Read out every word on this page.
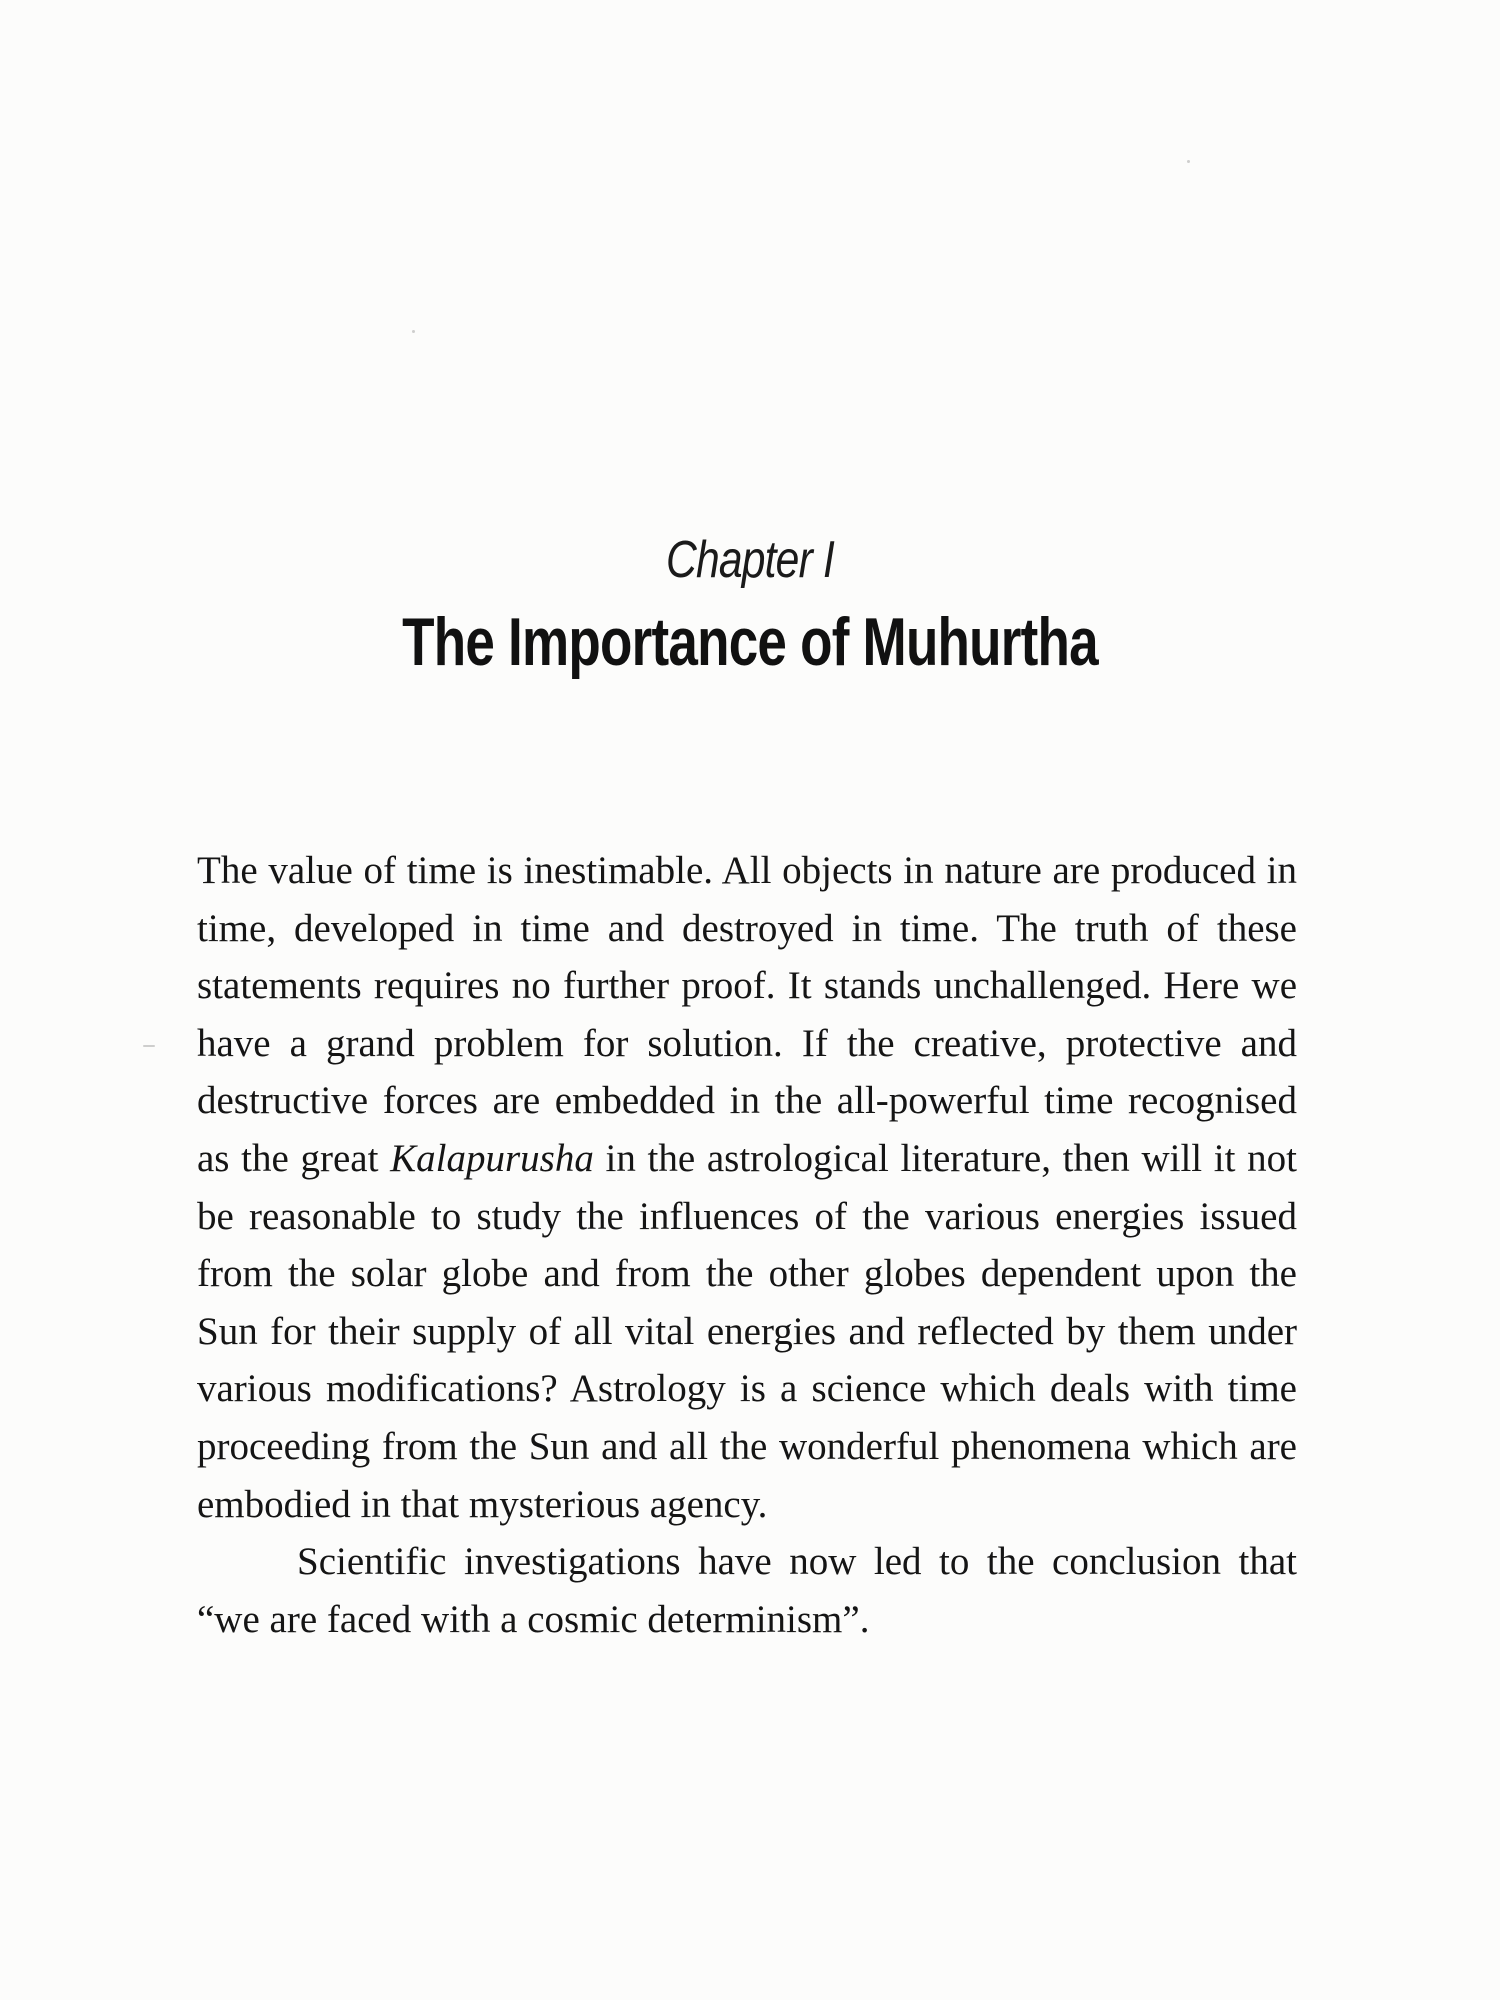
Chapter I
The Importance of Muhurtha

The value of time is inestimable. All objects in nature are produced in time, developed in time and destroyed in time. The truth of these statements requires no further proof. It stands unchallenged. Here we have a grand problem for solution. If the creative, protective and destructive forces are embedded in the all-powerful time recognised as the great Kalapurusha in the astrological literature, then will it not be reasonable to study the influences of the various energies issued from the solar globe and from the other globes dependent upon the Sun for their supply of all vital energies and reflected by them under various modifications? Astrology is a science which deals with time proceeding from the Sun and all the wonderful phenomena which are embodied in that mysterious agency.

Scientific investigations have now led to the conclusion that “we are faced with a cosmic determinism”.
